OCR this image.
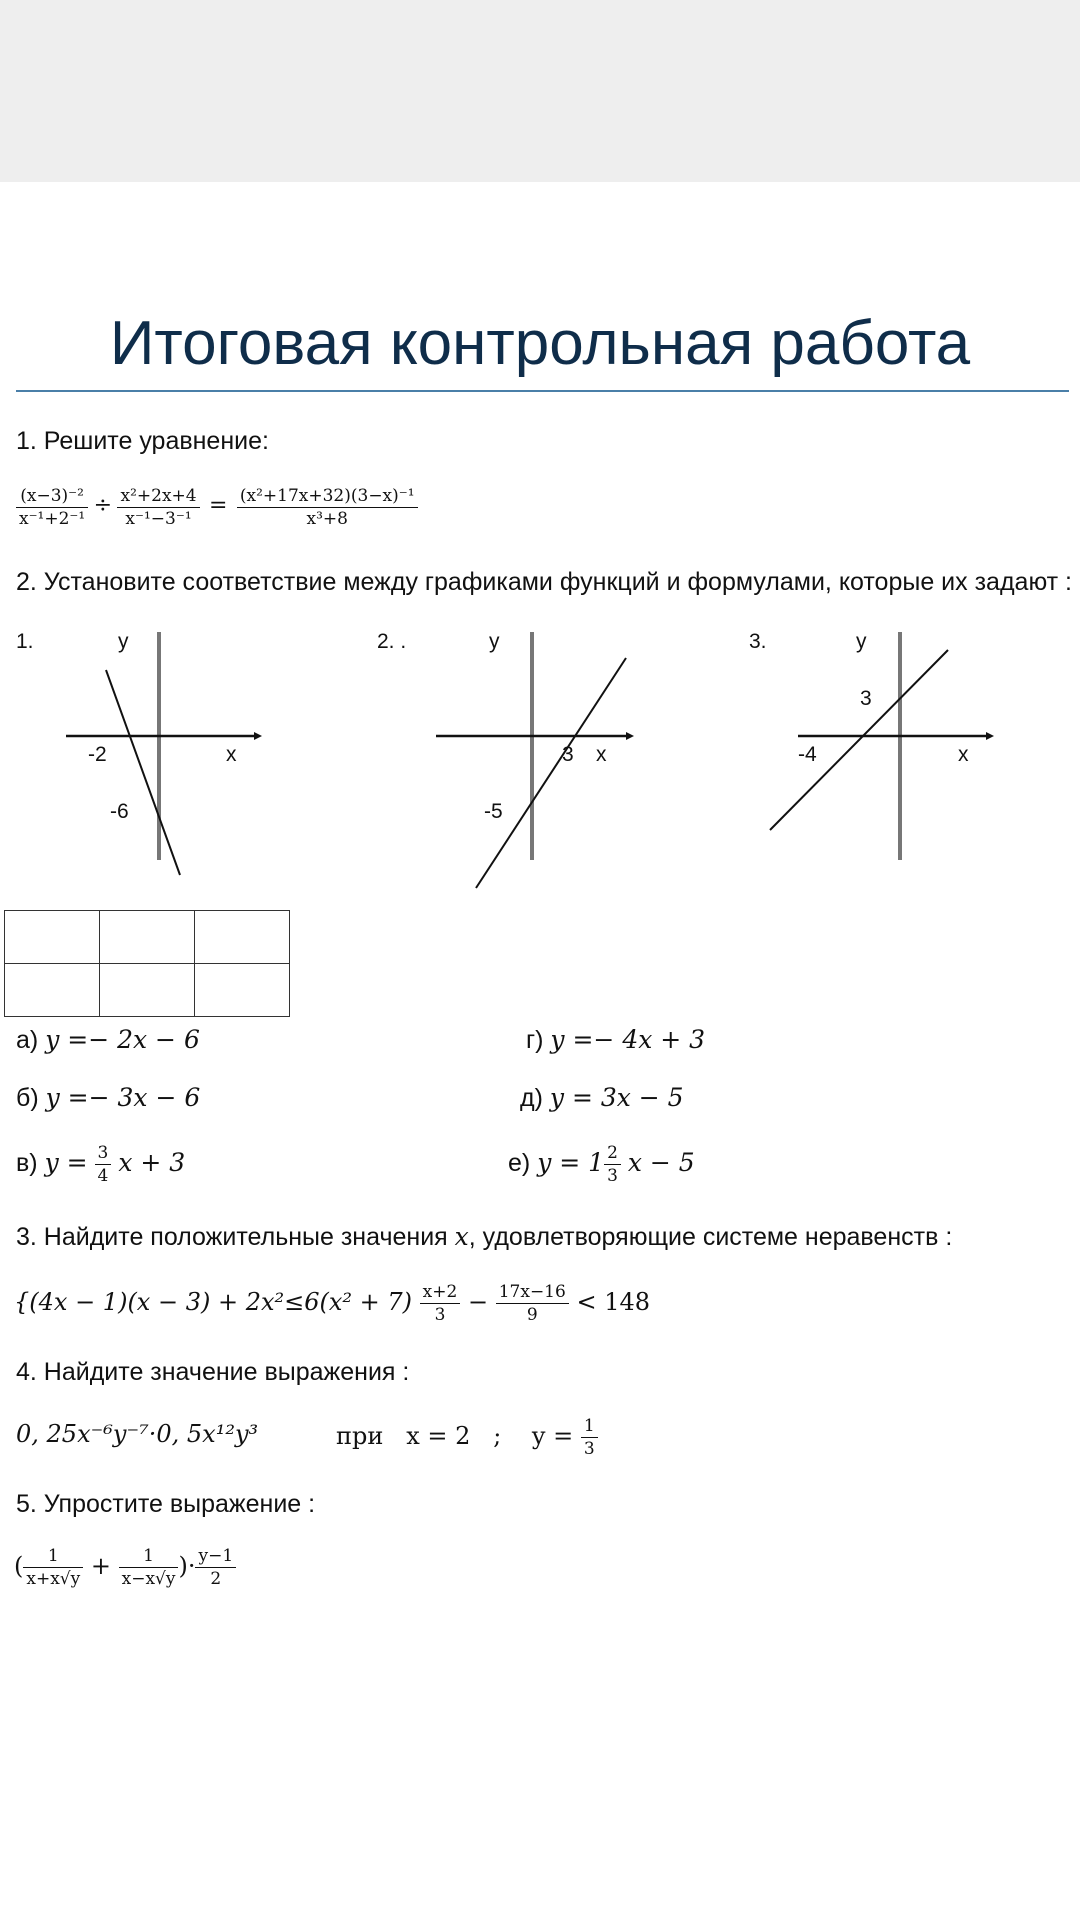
Итоговая контрольная работа
1. Решите уравнение:
$\frac{\text{(x−3)⁻²}}{\text{x⁻¹+2⁻¹}} \div \frac{\text{x²+2x+4}}{\text{x⁻¹−3⁻¹}} = \frac{\text{(x²+17x+32)(3−x)⁻¹}}{\text{x³+8}}$
2. Установите соответствие между графиками функций и формулами, которые их задают :
1.	y
-2	x
-6
2. .	y
3 x
-5
3.	y
-4	x
3

а) y =− 2x − 6	г) y =− 4x + 3
б) y =− 3x − 6	д) y = 3x − 5
в) $y = \frac{3}{4}$ x + 3	е) $y = 1 \frac{2}{3}$ x − 5
3. Найдите положительные значения x, удовлетворяющие системе неравенств :
{$(4x - 1)(x - 3) + 2x^2\le 6(x^2 + 7) \frac{x+2}{3} - \frac{17x-16}{9} < 148$
4. Найдите значение выражения :
0, 25x⁻⁶y⁻⁷·0, 5x¹²y³	при   x = 2   ;    $y = \frac{1}{3}$
5. Упростите выражение :
( $\frac{1}{x+x√y} + \frac{1}{x-x√y}$ )· $\frac{y-1}{2}$
